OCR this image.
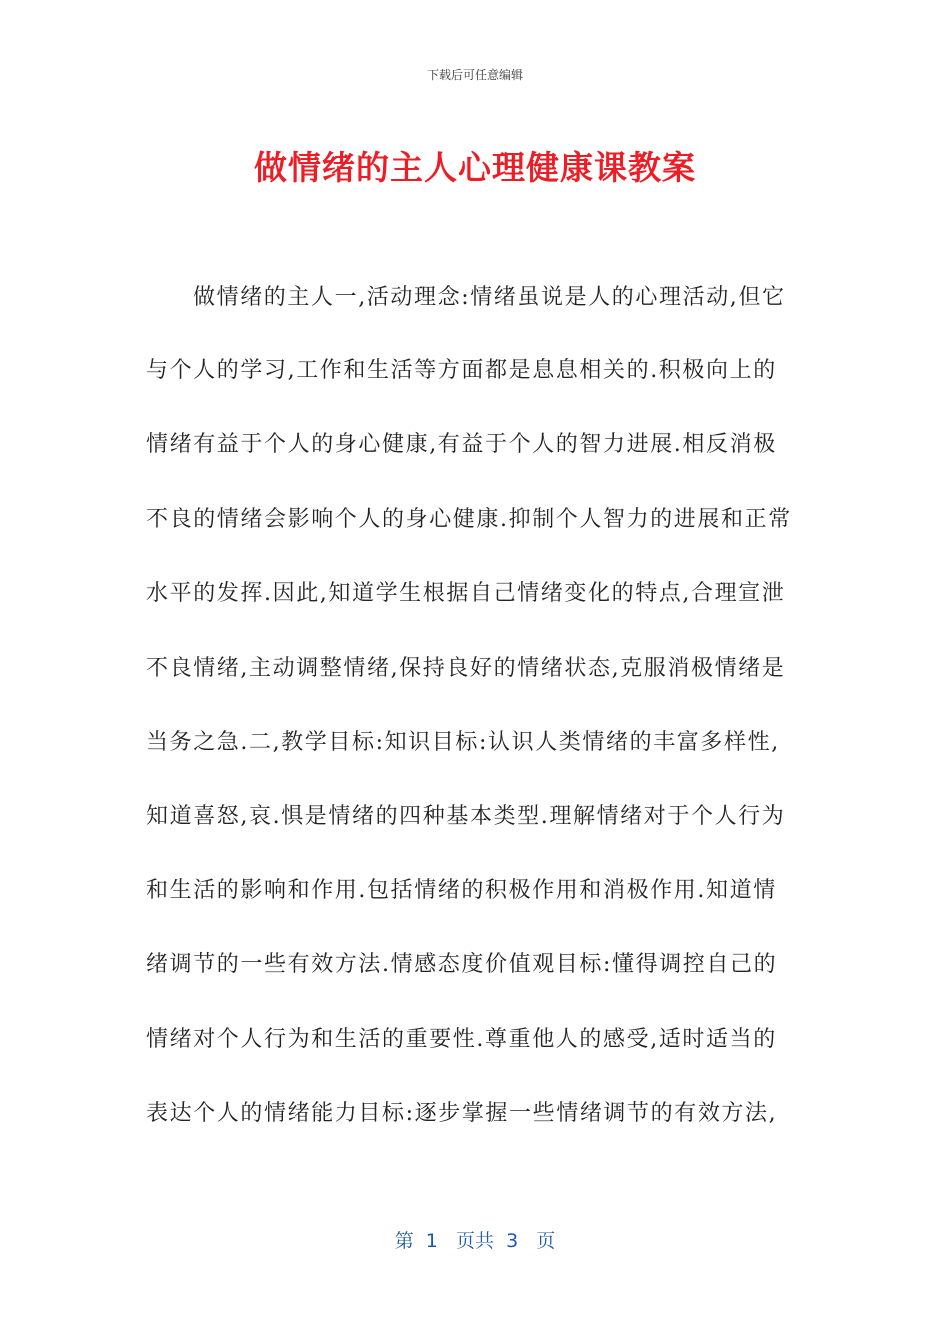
下载后可任意编辑
做情绪的主人心理健康课教案
做情绪的主人一,活动理念:情绪虽说是人的心理活动,但它
与个人的学习,工作和生活等方面都是息息相关的.积极向上的
情绪有益于个人的身心健康,有益于个人的智力进展.相反消极
不良的情绪会影响个人的身心健康.抑制个人智力的进展和正常
水平的发挥.因此,知道学生根据自己情绪变化的特点,合理宣泄
不良情绪,主动调整情绪,保持良好的情绪状态,克服消极情绪是
当务之急.二,教学目标:知识目标:认识人类情绪的丰富多样性,
知道喜怒,哀.惧是情绪的四种基本类型.理解情绪对于个人行为
和生活的影响和作用.包括情绪的积极作用和消极作用.知道情
绪调节的一些有效方法.情感态度价值观目标:懂得调控自己的
情绪对个人行为和生活的重要性.尊重他人的感受,适时适当的
表达个人的情绪能力目标:逐步掌握一些情绪调节的有效方法,
第  1   页共  3   页
